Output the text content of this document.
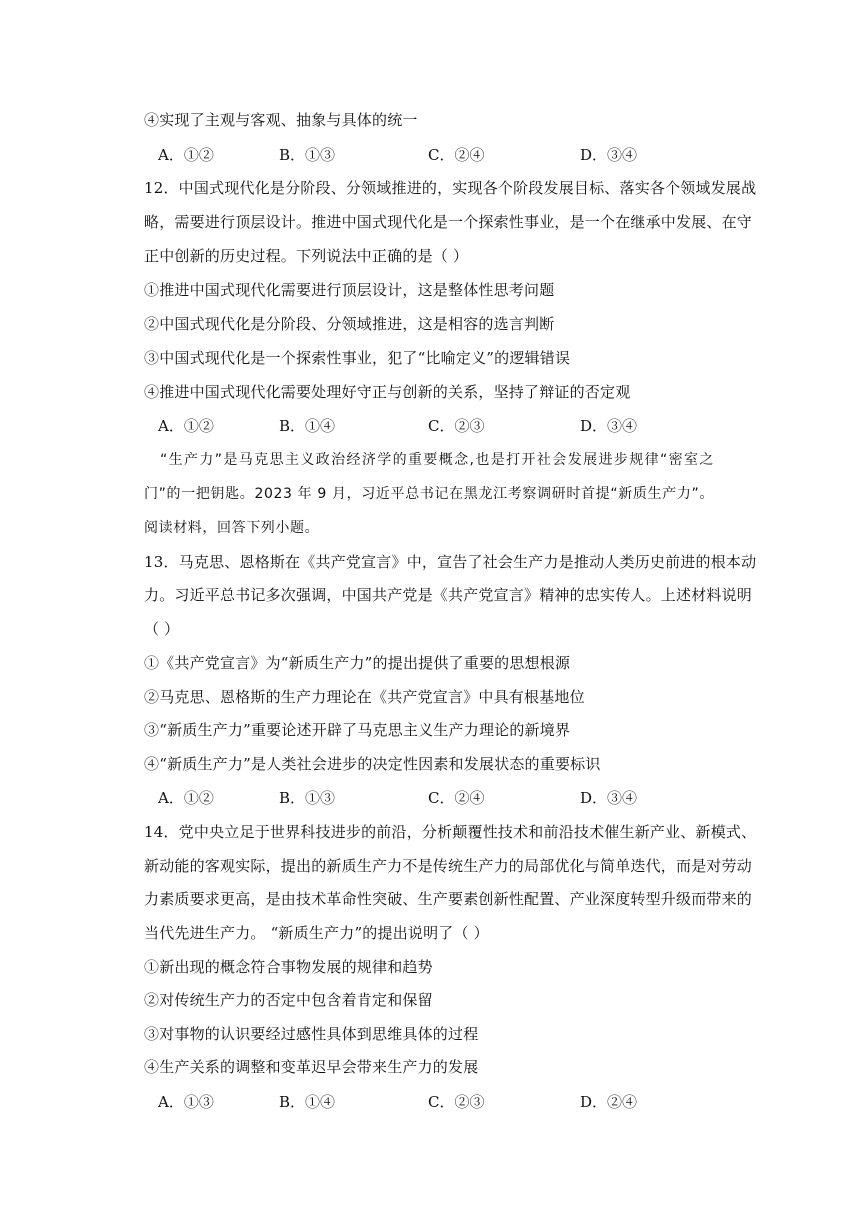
④实现了主观与客观、抽象与具体的统一
A．①②	B．①③	C．②④	D．③④
12．中国式现代化是分阶段、分领域推进的，实现各个阶段发展目标、落实各个领域发展战
略，需要进行顶层设计。推进中国式现代化是一个探索性事业，是一个在继承中发展、在守
正中创新的历史过程。下列说法中正确的是（ ）
①推进中国式现代化需要进行顶层设计，这是整体性思考问题
②中国式现代化是分阶段、分领域推进，这是相容的选言判断
③中国式现代化是一个探索性事业，犯了“比喻定义”的逻辑错误
④推进中国式现代化需要处理好守正与创新的关系，坚持了辩证的否定观
A．①②	B．①④	C．②③	D．③④
“生产力”是马克思主义政治经济学的重要概念,也是打开社会发展进步规律“密室之
门”的一把钥匙。2023 年 9 月，习近平总书记在黑龙江考察调研时首提“新质生产力”。
阅读材料，回答下列小题。
13．马克思、恩格斯在《共产党宣言》中，宣告了社会生产力是推动人类历史前进的根本动
力。习近平总书记多次强调，中国共产党是《共产党宣言》精神的忠实传人。上述材料说明
（ ）
①《共产党宣言》为“新质生产力”的提出提供了重要的思想根源
②马克思、恩格斯的生产力理论在《共产党宣言》中具有根基地位
③“新质生产力”重要论述开辟了马克思主义生产力理论的新境界
④“新质生产力”是人类社会进步的决定性因素和发展状态的重要标识
A．①②	B．①③	C．②④	D．③④
14．党中央立足于世界科技进步的前沿，分析颠覆性技术和前沿技术催生新产业、新模式、
新动能的客观实际，提出的新质生产力不是传统生产力的局部优化与简单迭代，而是对劳动
力素质要求更高，是由技术革命性突破、生产要素创新性配置、产业深度转型升级而带来的
当代先进生产力。 “新质生产力”的提出说明了（ ）
①新出现的概念符合事物发展的规律和趋势
②对传统生产力的否定中包含着肯定和保留
③对事物的认识要经过感性具体到思维具体的过程
④生产关系的调整和变革迟早会带来生产力的发展
A．①③	B．①④	C．②③	D．②④
